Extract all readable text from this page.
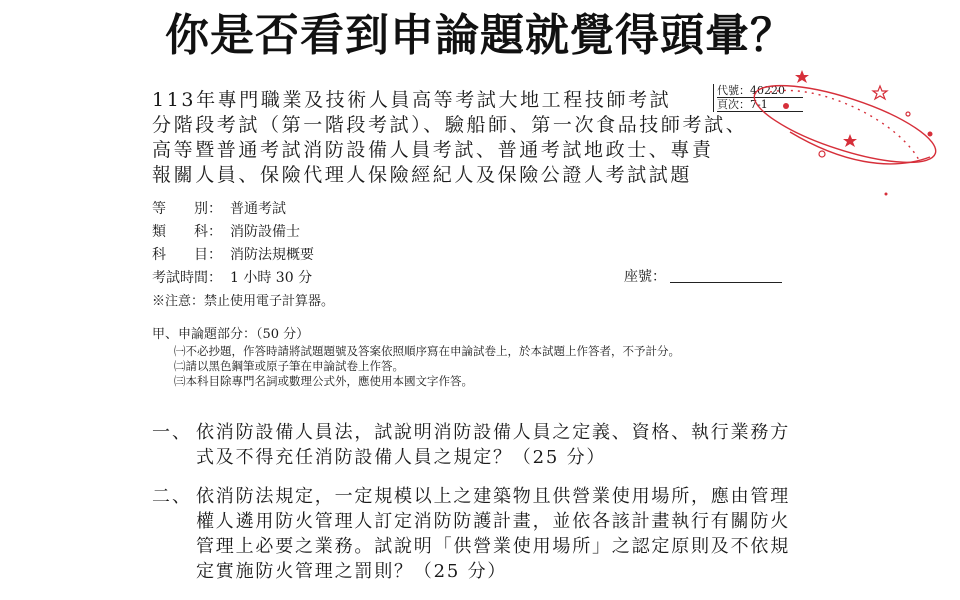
你是否看到申論題就覺得頭暈？
113年專門職業及技術人員高等考試大地工程技師考試
分階段考試（第一階段考試）、驗船師、第一次食品技師考試、
高等暨普通考試消防設備人員考試、普通考試地政士、專責
報關人員、保險代理人保險經紀人及保險公證人考試試題
代號：40220
頁次：7-1
等　　別： 普通考試
類　　科： 消防設備士
科　　目： 消防法規概要
考試時間： 1 小時 30 分	座號：
※注意：禁止使用電子計算器。
甲、申論題部分：（50 分）
㈠不必抄題，作答時請將試題題號及答案依照順序寫在申論試卷上，於本試題上作答者，不予計分。
㈡請以黑色鋼筆或原子筆在申論試卷上作答。
㈢本科目除專門名詞或數理公式外，應使用本國文字作答。
一、 依消防設備人員法，試說明消防設備人員之定義、資格、執行業務方
式及不得充任消防設備人員之規定？（25 分）
二、 依消防法規定，一定規模以上之建築物且供營業使用場所，應由管理
權人遴用防火管理人訂定消防防護計畫，並依各該計畫執行有關防火
管理上必要之業務。試說明「供營業使用場所」之認定原則及不依規
定實施防火管理之罰則？（25 分）
